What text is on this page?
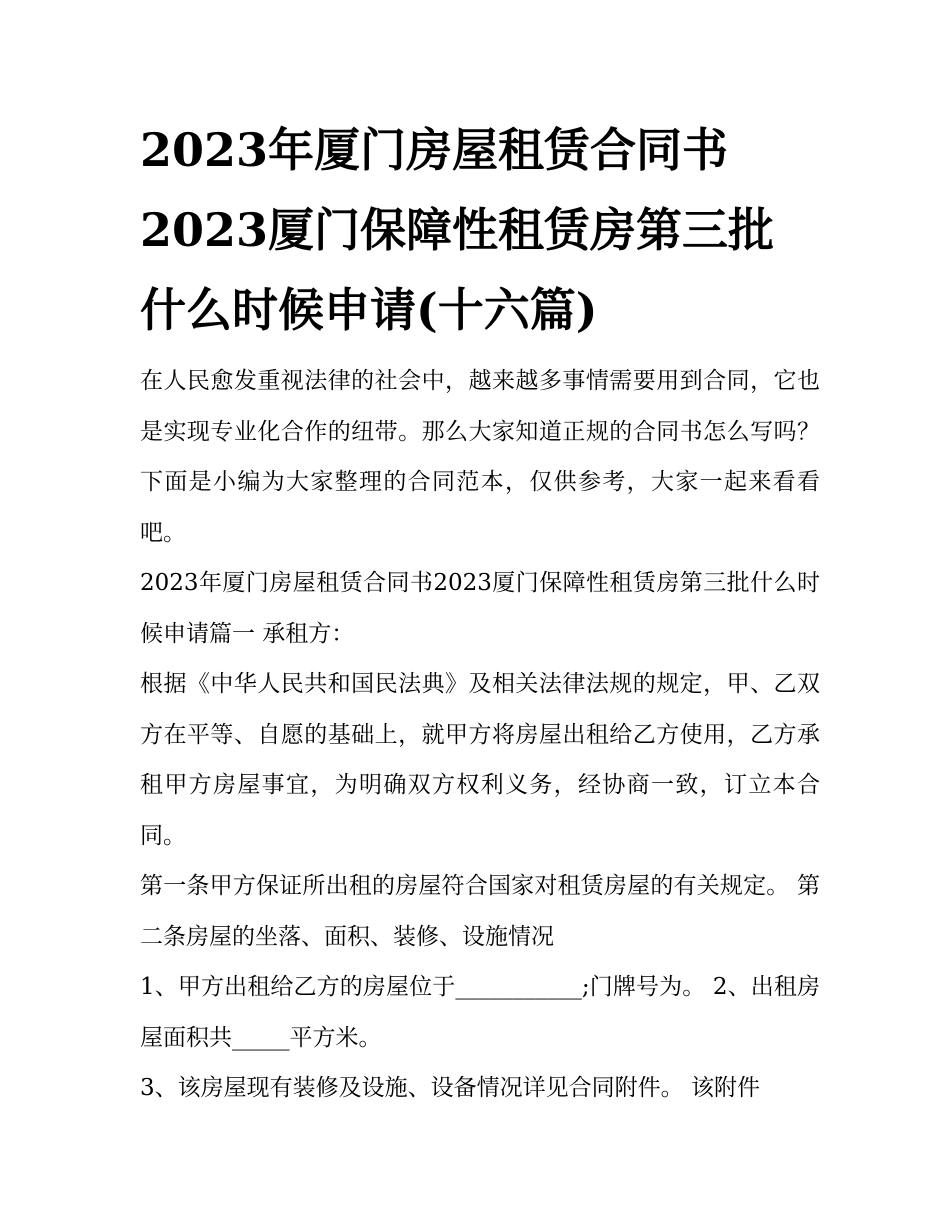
2023年厦门房屋租赁合同书2023厦门保障性租赁房第三批什么时候申请(十六篇)

在人民愈发重视法律的社会中，越来越多事情需要用到合同，它也是实现专业化合作的纽带。那么大家知道正规的合同书怎么写吗？下面是小编为大家整理的合同范本，仅供参考，大家一起来看看吧。

2023年厦门房屋租赁合同书2023厦门保障性租赁房第三批什么时候申请篇一 承租方：

根据《中华人民共和国民法典》及相关法律法规的规定，甲、乙双方在平等、自愿的基础上，就甲方将房屋出租给乙方使用，乙方承租甲方房屋事宜，为明确双方权利义务，经协商一致，订立本合同。

第一条甲方保证所出租的房屋符合国家对租赁房屋的有关规定。 第二条房屋的坐落、面积、装修、设施情况

1、甲方出租给乙方的房屋位于___________;门牌号为。 2、出租房屋面积共_____平方米。

3、该房屋现有装修及设施、设备情况详见合同附件。 该附件
